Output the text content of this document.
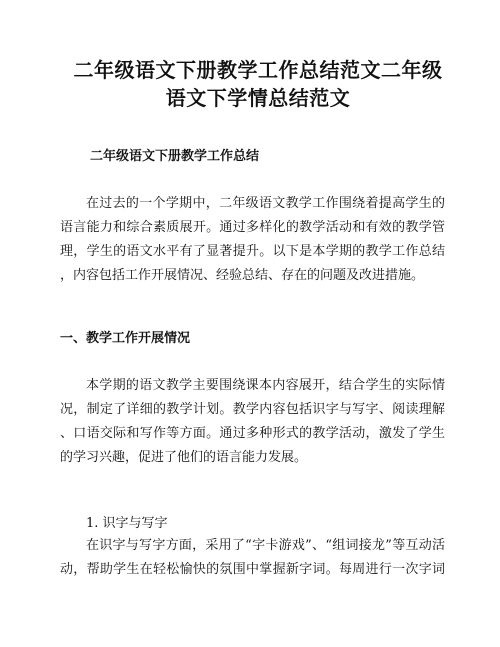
二年级语文下册教学工作总结范文二年级
语文下学情总结范文

二年级语文下册教学工作总结

在过去的一个学期中，二年级语文教学工作围绕着提高学生的
语言能力和综合素质展开。通过多样化的教学活动和有效的教学管
理，学生的语文水平有了显著提升。以下是本学期的教学工作总结
，内容包括工作开展情况、经验总结、存在的问题及改进措施。

一、教学工作开展情况

本学期的语文教学主要围绕课本内容展开，结合学生的实际情
况，制定了详细的教学计划。教学内容包括识字与写字、阅读理解
、口语交际和写作等方面。通过多种形式的教学活动，激发了学生
的学习兴趣，促进了他们的语言能力发展。

1. 识字与写字

在识字与写字方面，采用了“字卡游戏”、“组词接龙”等互动活
动，帮助学生在轻松愉快的氛围中掌握新字词。每周进行一次字词
